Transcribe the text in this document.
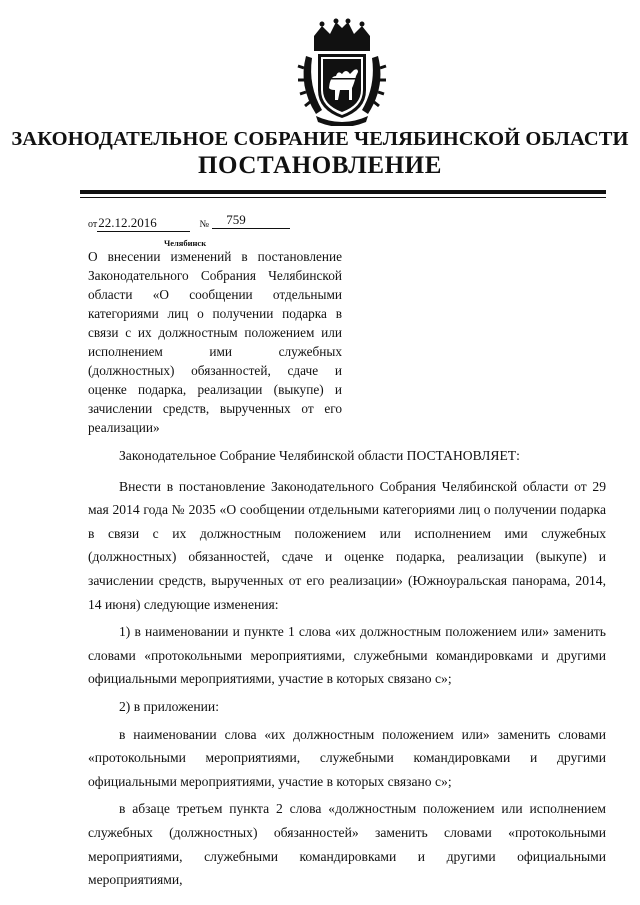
ЗАКОНОДАТЕЛЬНОЕ СОБРАНИЕ ЧЕЛЯБИНСКОЙ ОБЛАСТИ
ПОСТАНОВЛЕНИЕ
от22.12.2016	№ 759
Челябинск
О внесении изменений в постановление Законодательного Собрания Челябинской области «О сообщении отдельными категориями лиц о получении подарка в связи с их должностным положением или исполнением ими служебных (должностных) обязанностей, сдаче и оценке подарка, реализации (выкупе) и зачислении средств, вырученных от его реализации»

Законодательное Собрание Челябинской области ПОСТАНОВЛЯЕТ:

Внести в постановление Законодательного Собрания Челябинской области от 29 мая 2014 года № 2035 «О сообщении отдельными категориями лиц о получении подарка в связи с их должностным положением или исполнением ими служебных (должностных) обязанностей, сдаче и оценке подарка, реализации (выкупе) и зачислении средств, вырученных от его реализации» (Южноуральская панорама, 2014, 14 июня) следующие изменения:

1) в наименовании и пункте 1 слова «их должностным положением или» заменить словами «протокольными мероприятиями, служебными командировками и другими официальными мероприятиями, участие в которых связано с»;

2) в приложении:

в наименовании слова «их должностным положением или» заменить словами «протокольными мероприятиями, служебными командировками и другими официальными мероприятиями, участие в которых связано с»;

в абзаце третьем пункта 2 слова «должностным положением или исполнением служебных (должностных) обязанностей» заменить словами «протокольными мероприятиями, служебными командировками и другими официальными мероприятиями,
